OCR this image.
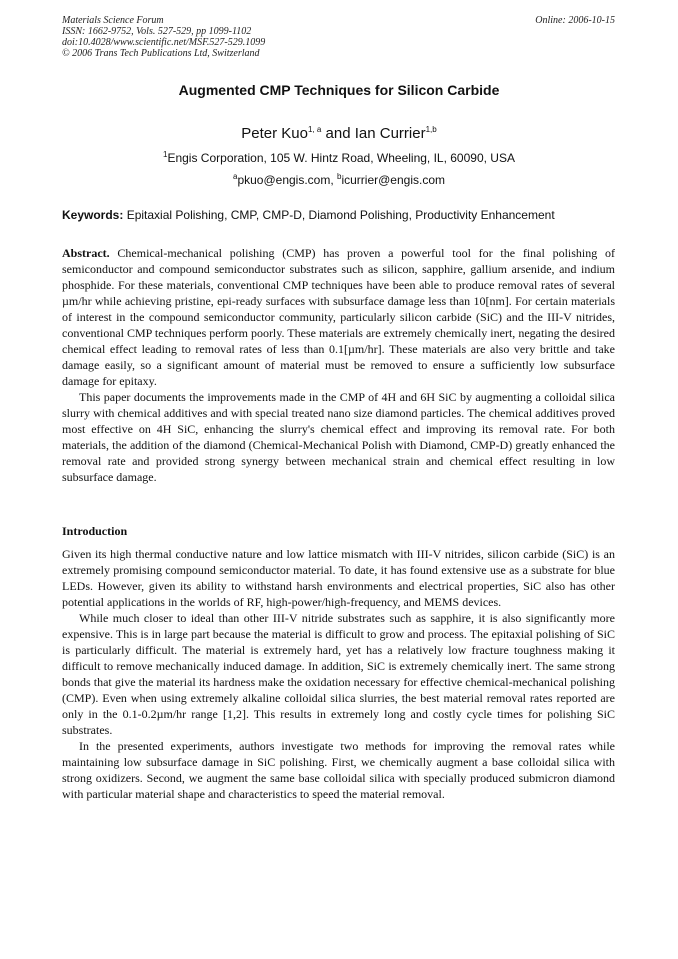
Materials Science Forum
ISSN: 1662-9752, Vols. 527-529, pp 1099-1102
doi:10.4028/www.scientific.net/MSF.527-529.1099
© 2006 Trans Tech Publications Ltd, Switzerland
Online: 2006-10-15
Augmented CMP Techniques for Silicon Carbide
Peter Kuo$^{1, a}$ and Ian Currier$^{1,b}$
$^1$Engis Corporation, 105 W. Hintz Road, Wheeling, IL, 60090, USA
$^a$pkuo@engis.com, $^b$icurrier@engis.com
Keywords: Epitaxial Polishing, CMP, CMP-D, Diamond Polishing, Productivity Enhancement

Abstract. Chemical-mechanical polishing (CMP) has proven a powerful tool for the final polishing of semiconductor and compound semiconductor substrates such as silicon, sapphire, gallium arsenide, and indium phosphide. For these materials, conventional CMP techniques have been able to produce removal rates of several µm/hr while achieving pristine, epi-ready surfaces with subsurface damage less than 10[nm]. For certain materials of interest in the compound semiconductor community, particularly silicon carbide (SiC) and the III-V nitrides, conventional CMP techniques perform poorly. These materials are extremely chemically inert, negating the desired chemical effect leading to removal rates of less than 0.1[µm/hr]. These materials are also very brittle and take damage easily, so a significant amount of material must be removed to ensure a sufficiently low subsurface damage for epitaxy.

This paper documents the improvements made in the CMP of 4H and 6H SiC by augmenting a colloidal silica slurry with chemical additives and with special treated nano size diamond particles. The chemical additives proved most effective on 4H SiC, enhancing the slurry's chemical effect and improving its removal rate. For both materials, the addition of the diamond (Chemical-Mechanical Polish with Diamond, CMP-D) greatly enhanced the removal rate and provided strong synergy between mechanical strain and chemical effect resulting in low subsurface damage.

Introduction

Given its high thermal conductive nature and low lattice mismatch with III-V nitrides, silicon carbide (SiC) is an extremely promising compound semiconductor material. To date, it has found extensive use as a substrate for blue LEDs. However, given its ability to withstand harsh environments and electrical properties, SiC also has other potential applications in the worlds of RF, high-power/high-frequency, and MEMS devices.

While much closer to ideal than other III-V nitride substrates such as sapphire, it is also significantly more expensive. This is in large part because the material is difficult to grow and process. The epitaxial polishing of SiC is particularly difficult. The material is extremely hard, yet has a relatively low fracture toughness making it difficult to remove mechanically induced damage. In addition, SiC is extremely chemically inert. The same strong bonds that give the material its hardness make the oxidation necessary for effective chemical-mechanical polishing (CMP). Even when using extremely alkaline colloidal silica slurries, the best material removal rates reported are only in the 0.1-0.2µm/hr range [1,2]. This results in extremely long and costly cycle times for polishing SiC substrates.

In the presented experiments, authors investigate two methods for improving the removal rates while maintaining low subsurface damage in SiC polishing. First, we chemically augment a base colloidal silica with strong oxidizers. Second, we augment the same base colloidal silica with specially produced submicron diamond with particular material shape and characteristics to speed the material removal.
